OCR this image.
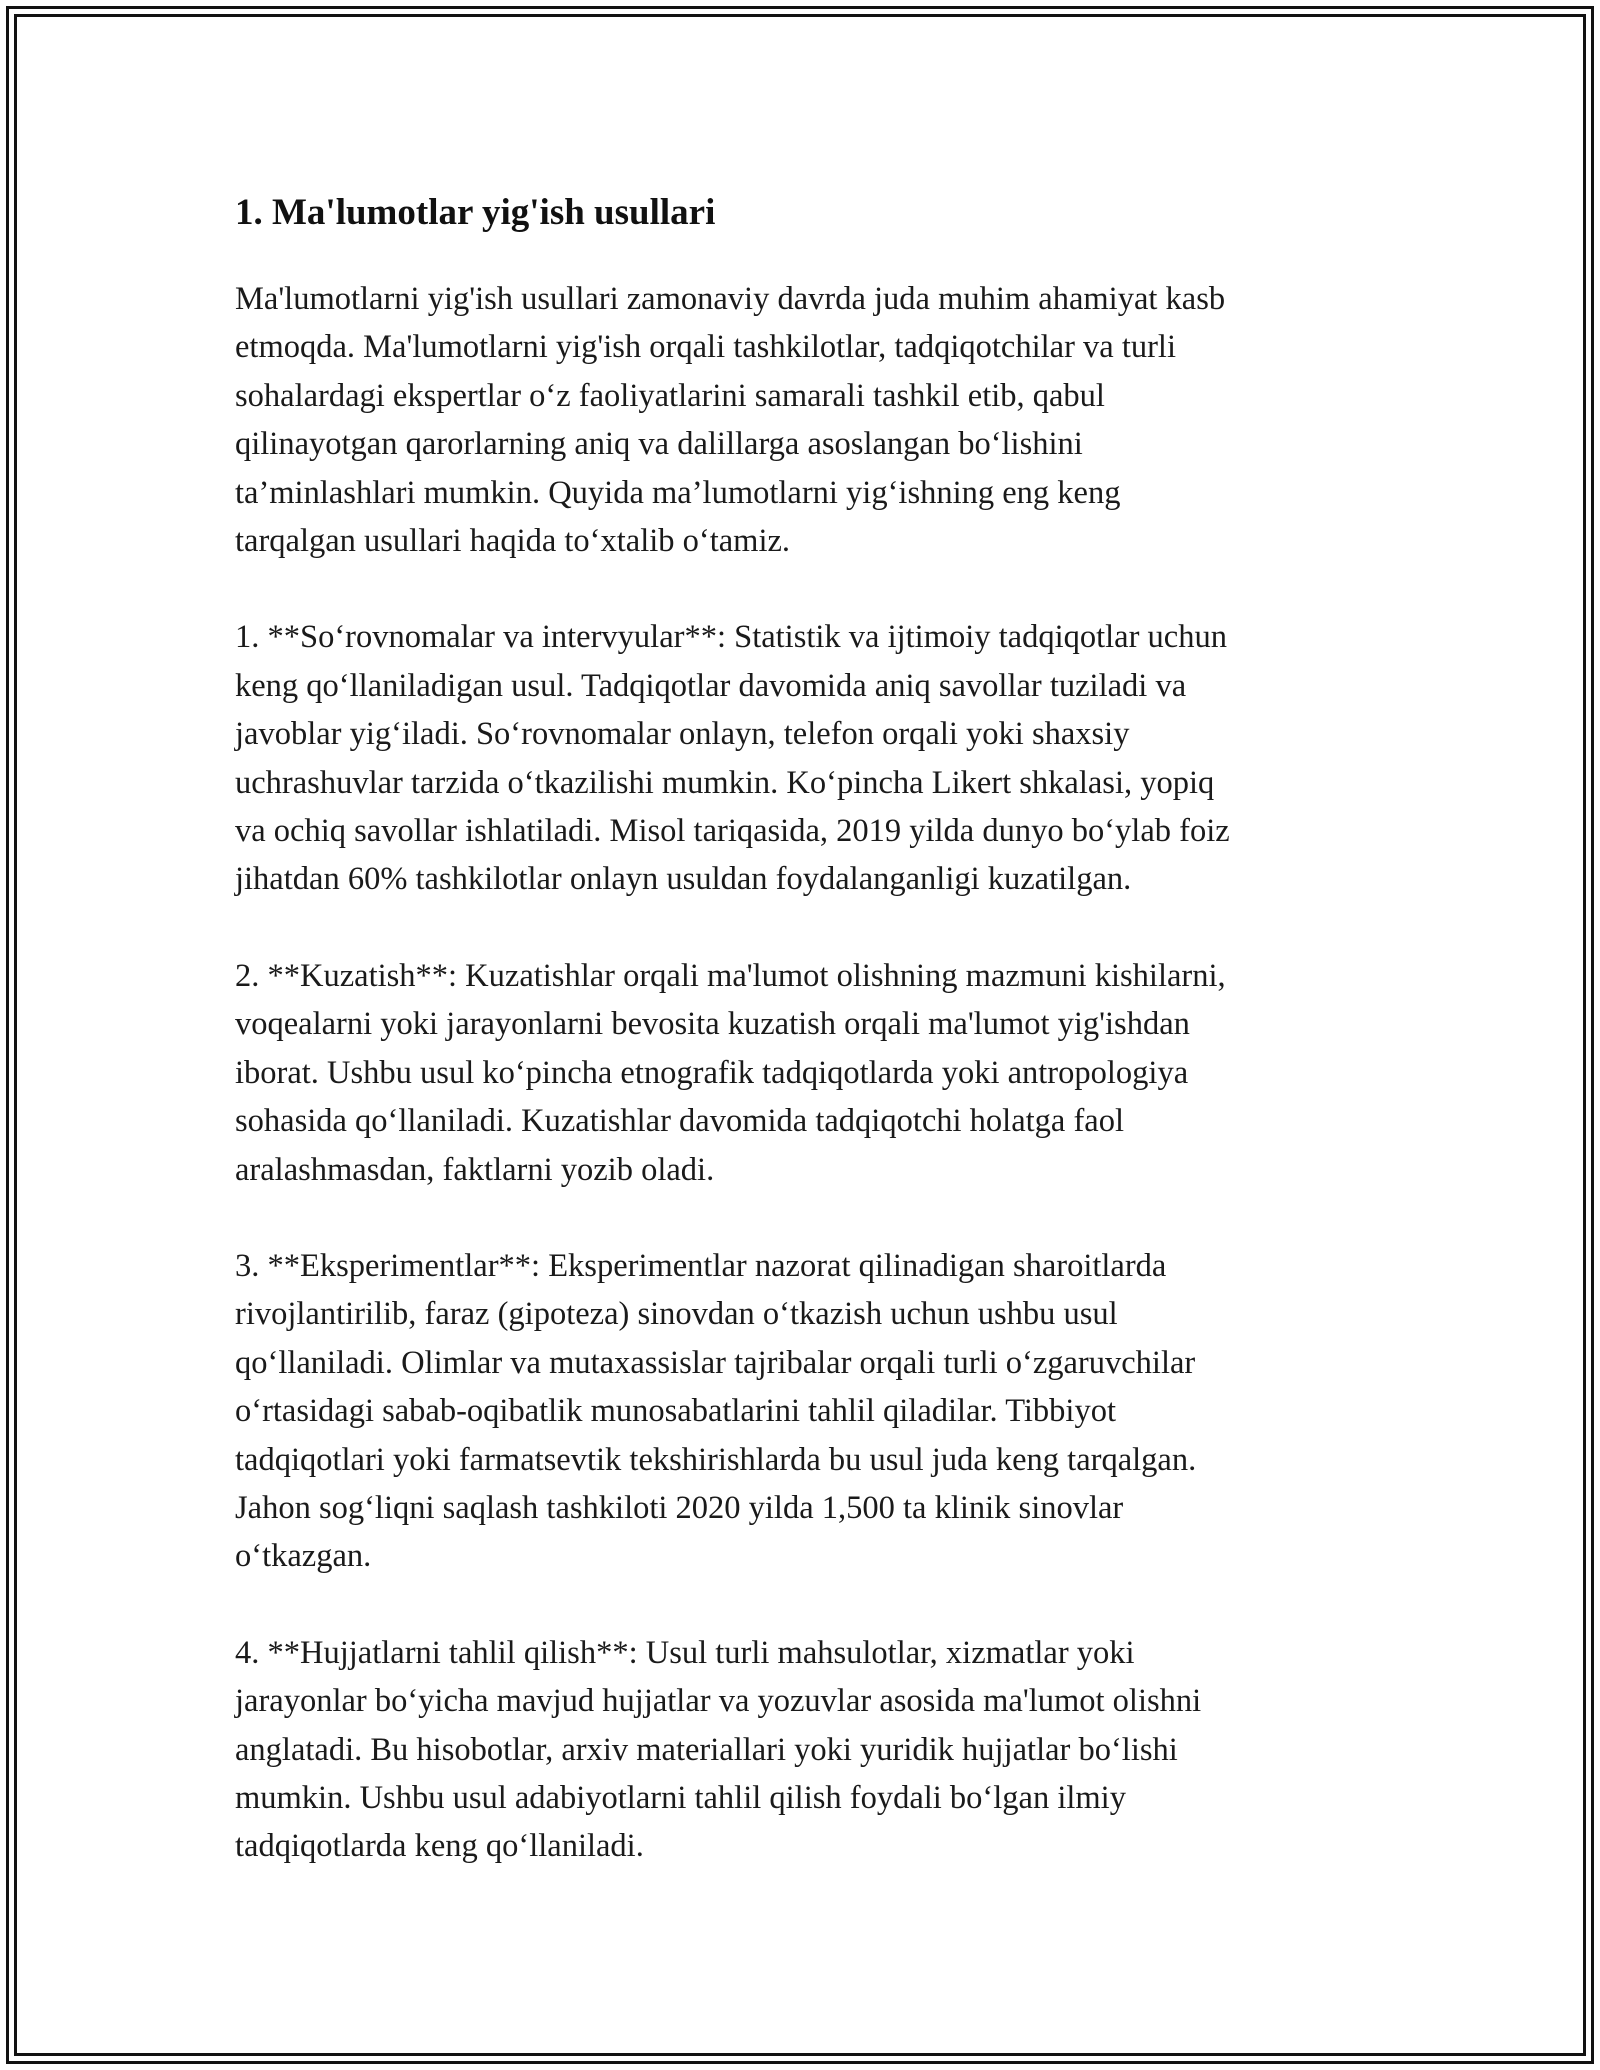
1. Ma'lumotlar yig'ish usullari

Ma'lumotlarni yig'ish usullari zamonaviy davrda juda muhim ahamiyat kasb
etmoqda. Ma'lumotlarni yig'ish orqali tashkilotlar, tadqiqotchilar va turli
sohalardagi ekspertlar o‘z faoliyatlarini samarali tashkil etib, qabul
qilinayotgan qarorlarning aniq va dalillarga asoslangan bo‘lishini
ta’minlashlari mumkin. Quyida ma’lumotlarni yig‘ishning eng keng
tarqalgan usullari haqida to‘xtalib o‘tamiz.

1. **So‘rovnomalar va intervyular**: Statistik va ijtimoiy tadqiqotlar uchun
keng qo‘llaniladigan usul. Tadqiqotlar davomida aniq savollar tuziladi va
javoblar yig‘iladi. So‘rovnomalar onlayn, telefon orqali yoki shaxsiy
uchrashuvlar tarzida o‘tkazilishi mumkin. Ko‘pincha Likert shkalasi, yopiq
va ochiq savollar ishlatiladi. Misol tariqasida, 2019 yilda dunyo bo‘ylab foiz
jihatdan 60% tashkilotlar onlayn usuldan foydalanganligi kuzatilgan.

2. **Kuzatish**: Kuzatishlar orqali ma'lumot olishning mazmuni kishilarni,
voqealarni yoki jarayonlarni bevosita kuzatish orqali ma'lumot yig'ishdan
iborat. Ushbu usul ko‘pincha etnografik tadqiqotlarda yoki antropologiya
sohasida qo‘llaniladi. Kuzatishlar davomida tadqiqotchi holatga faol
aralashmasdan, faktlarni yozib oladi.

3. **Eksperimentlar**: Eksperimentlar nazorat qilinadigan sharoitlarda
rivojlantirilib, faraz (gipoteza) sinovdan o‘tkazish uchun ushbu usul
qo‘llaniladi. Olimlar va mutaxassislar tajribalar orqali turli o‘zgaruvchilar
o‘rtasidagi sabab-oqibatlik munosabatlarini tahlil qiladilar. Tibbiyot
tadqiqotlari yoki farmatsevtik tekshirishlarda bu usul juda keng tarqalgan.
Jahon sog‘liqni saqlash tashkiloti 2020 yilda 1,500 ta klinik sinovlar
o‘tkazgan.

4. **Hujjatlarni tahlil qilish**: Usul turli mahsulotlar, xizmatlar yoki
jarayonlar bo‘yicha mavjud hujjatlar va yozuvlar asosida ma'lumot olishni
anglatadi. Bu hisobotlar, arxiv materiallari yoki yuridik hujjatlar bo‘lishi
mumkin. Ushbu usul adabiyotlarni tahlil qilish foydali bo‘lgan ilmiy
tadqiqotlarda keng qo‘llaniladi.
